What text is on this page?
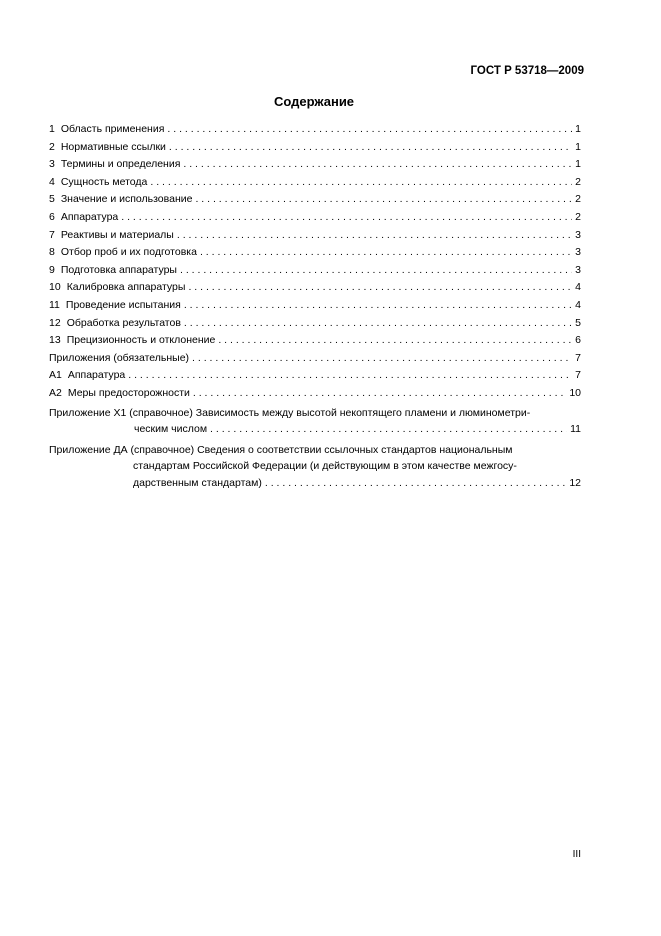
ГОСТ Р 53718—2009
Содержание
1 Область применения . . .	1
2 Нормативные ссылки . . .	1
3 Термины и определения . . .	1
4 Сущность метода . . .	2
5 Значение и использование . . .	2
6 Аппаратура . . .	2
7 Реактивы и материалы . . .	3
8 Отбор проб и их подготовка . . .	3
9 Подготовка аппаратуры . . .	3
10 Калибровка аппаратуры . . .	4
11 Проведение испытания . . .	4
12 Обработка результатов . . .	5
13 Прецизионность и отклонение . . .	6
Приложения (обязательные) . . .	7
А1 Аппаратура . . .	7
А2 Меры предосторожности . . .	10
Приложение Х1 (справочное) Зависимость между высотой некоптящего пламени и люминометри-
ческим числом . . .	11
Приложение ДА (справочное) Сведения о соответствии ссылочных стандартов национальным
стандартам Российской Федерации (и действующим в этом качестве межгосу-
дарственным стандартам) . . .	12
III
